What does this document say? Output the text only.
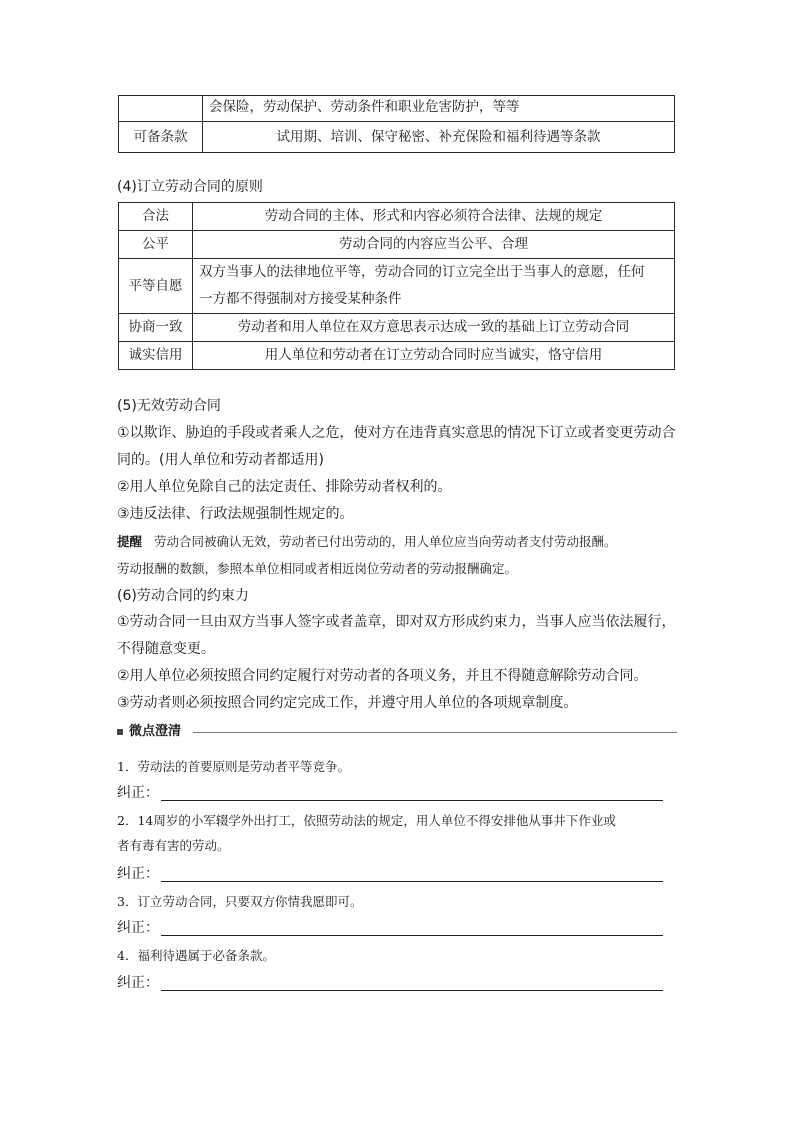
	会保险，劳动保护、劳动条件和职业危害防护，等等
可备条款	试用期、培训、保守秘密、补充保险和福利待遇等条款
(4)订立劳动合同的原则
合法	劳动合同的主体、形式和内容必须符合法律、法规的规定
公平	劳动合同的内容应当公平、合理
平等自愿	双方当事人的法律地位平等，劳动合同的订立完全出于当事人的意愿，任何
一方都不得强制对方接受某种条件

协商一致	劳动者和用人单位在双方意思表示达成一致的基础上订立劳动合同
诚实信用	用人单位和劳动者在订立劳动合同时应当诚实，恪守信用
(5)无效劳动合同
①以欺诈、胁迫的手段或者乘人之危，使对方在违背真实意思的情况下订立或者变更劳动合
同的。(用人单位和劳动者都适用)
②用人单位免除自己的法定责任、排除劳动者权利的。
③违反法律、行政法规强制性规定的。
提醒 劳动合同被确认无效，劳动者已付出劳动的，用人单位应当向劳动者支付劳动报酬。
劳动报酬的数额，参照本单位相同或者相近岗位劳动者的劳动报酬确定。
(6)劳动合同的约束力
①劳动合同一旦由双方当事人签字或者盖章，即对双方形成约束力，当事人应当依法履行，
不得随意变更。
②用人单位必须按照合同约定履行对劳动者的各项义务，并且不得随意解除劳动合同。
③劳动者则必须按照合同约定完成工作，并遵守用人单位的各项规章制度。
微点澄清
1．劳动法的首要原则是劳动者平等竞争。
纠正：
2．14周岁的小军辍学外出打工，依照劳动法的规定，用人单位不得安排他从事井下作业或
者有毒有害的劳动。
纠正：
3．订立劳动合同，只要双方你情我愿即可。
纠正：
4．福利待遇属于必备条款。
纠正：
